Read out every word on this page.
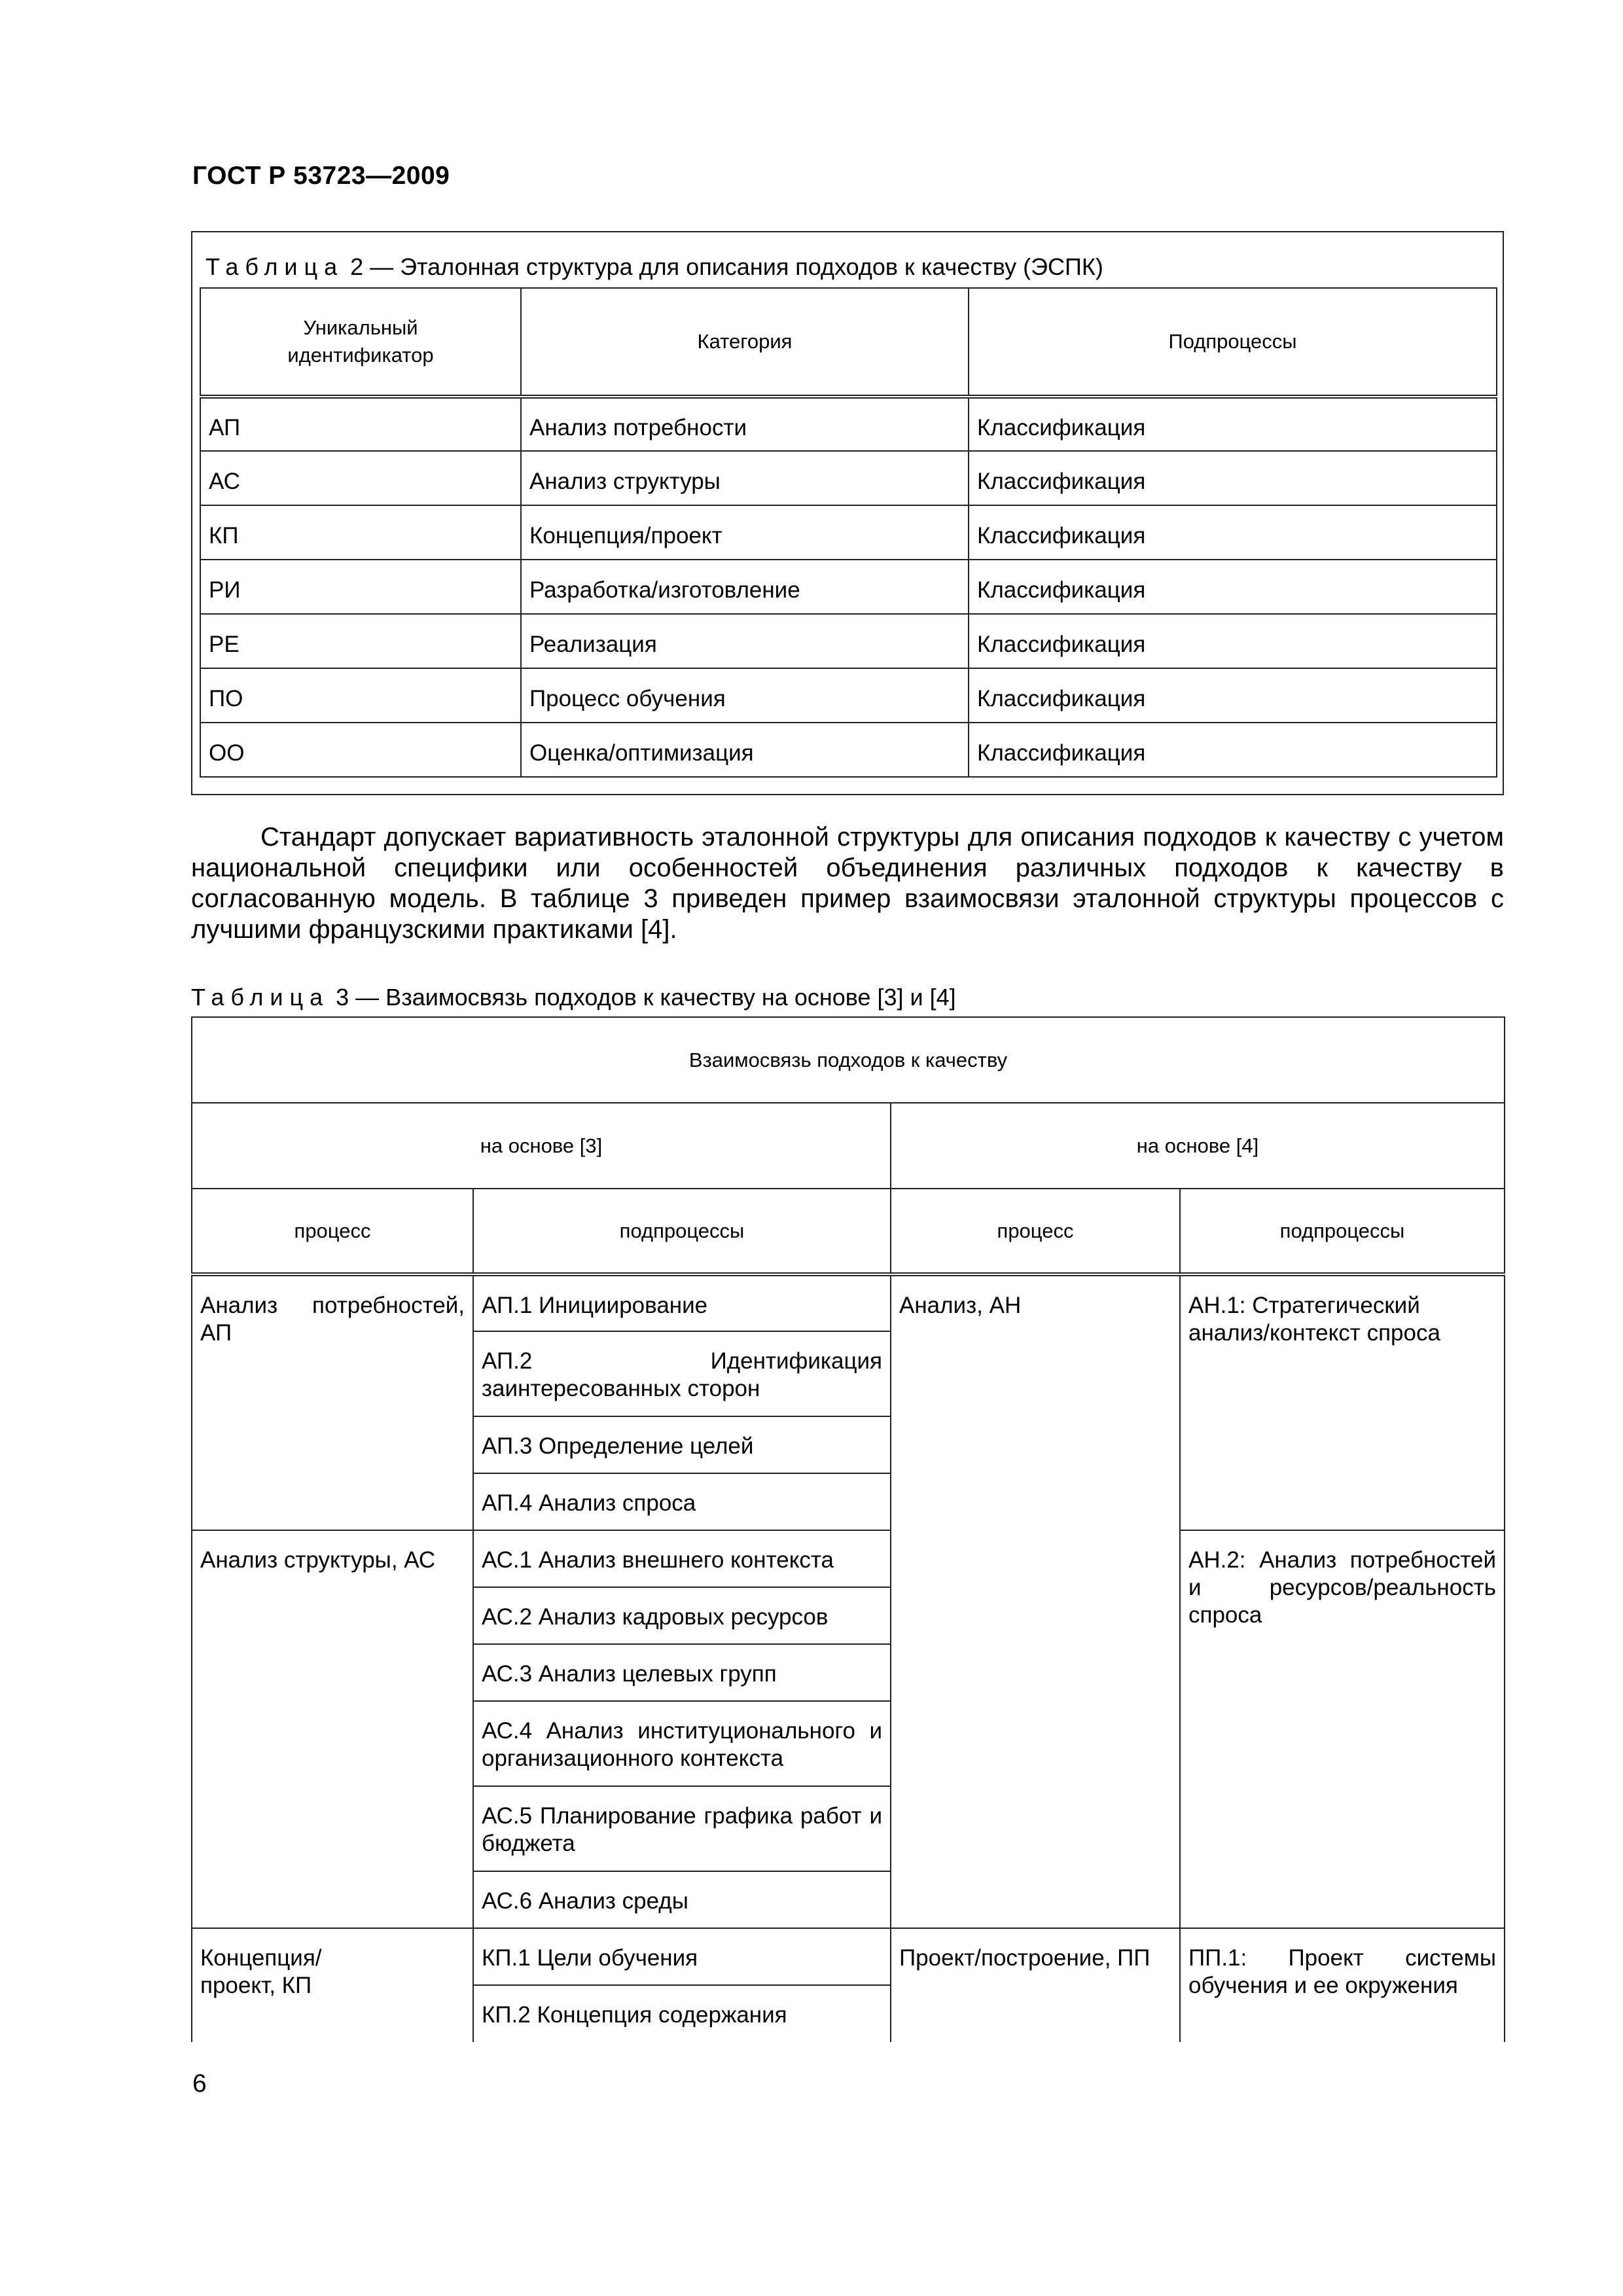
ГОСТ Р 53723—2009
Таблица 2 — Эталонная структура для описания подходов к качеству (ЭСПК)
Уникальный идентификатор	Категория	Подпроцессы
АП	Анализ потребности	Классификация
АС	Анализ структуры	Классификация
КП	Концепция/проект	Классификация
РИ	Разработка/изготовление	Классификация
РЕ	Реализация	Классификация
ПО	Процесс обучения	Классификация
ОО	Оценка/оптимизация	Классификация
Стандарт допускает вариативность эталонной структуры для описания подходов к качеству с учетом национальной специфики или особенностей объединения различных подходов к качеству в согласованную модель. В таблице 3 приведен пример взаимосвязи эталонной структуры процессов с лучшими французскими практиками [4].
Таблица 3 — Взаимосвязь подходов к качеству на основе [3] и [4]
Взаимосвязь подходов к качеству			
на основе [3]		на основе [4]	
процесс	подпроцессы	процесс	подпроцессы
Анализ потребностей, АП	АП.1 Инициирование	Анализ, АН	АН.1: Стратегический анализ/контекст спроса
	АП.2 Идентификация заинтересованных сторон		
	АП.3 Определение целей		
	АП.4 Анализ спроса		
Анализ структуры, АС	АС.1 Анализ внешнего контекста		АН.2: Анализ потребностей и ресурсов/реальность спроса
	АС.2 Анализ кадровых ресурсов		
	АС.3 Анализ целевых групп		
	АС.4 Анализ институционального и организационного контекста		
	АС.5 Планирование графика работ и бюджета		
	АС.6 Анализ среды		
Концепция/ проект, КП	КП.1 Цели обучения	Проект/построение, ПП	ПП.1: Проект системы обучения и ее окружения
	КП.2 Концепция содержания		
6
